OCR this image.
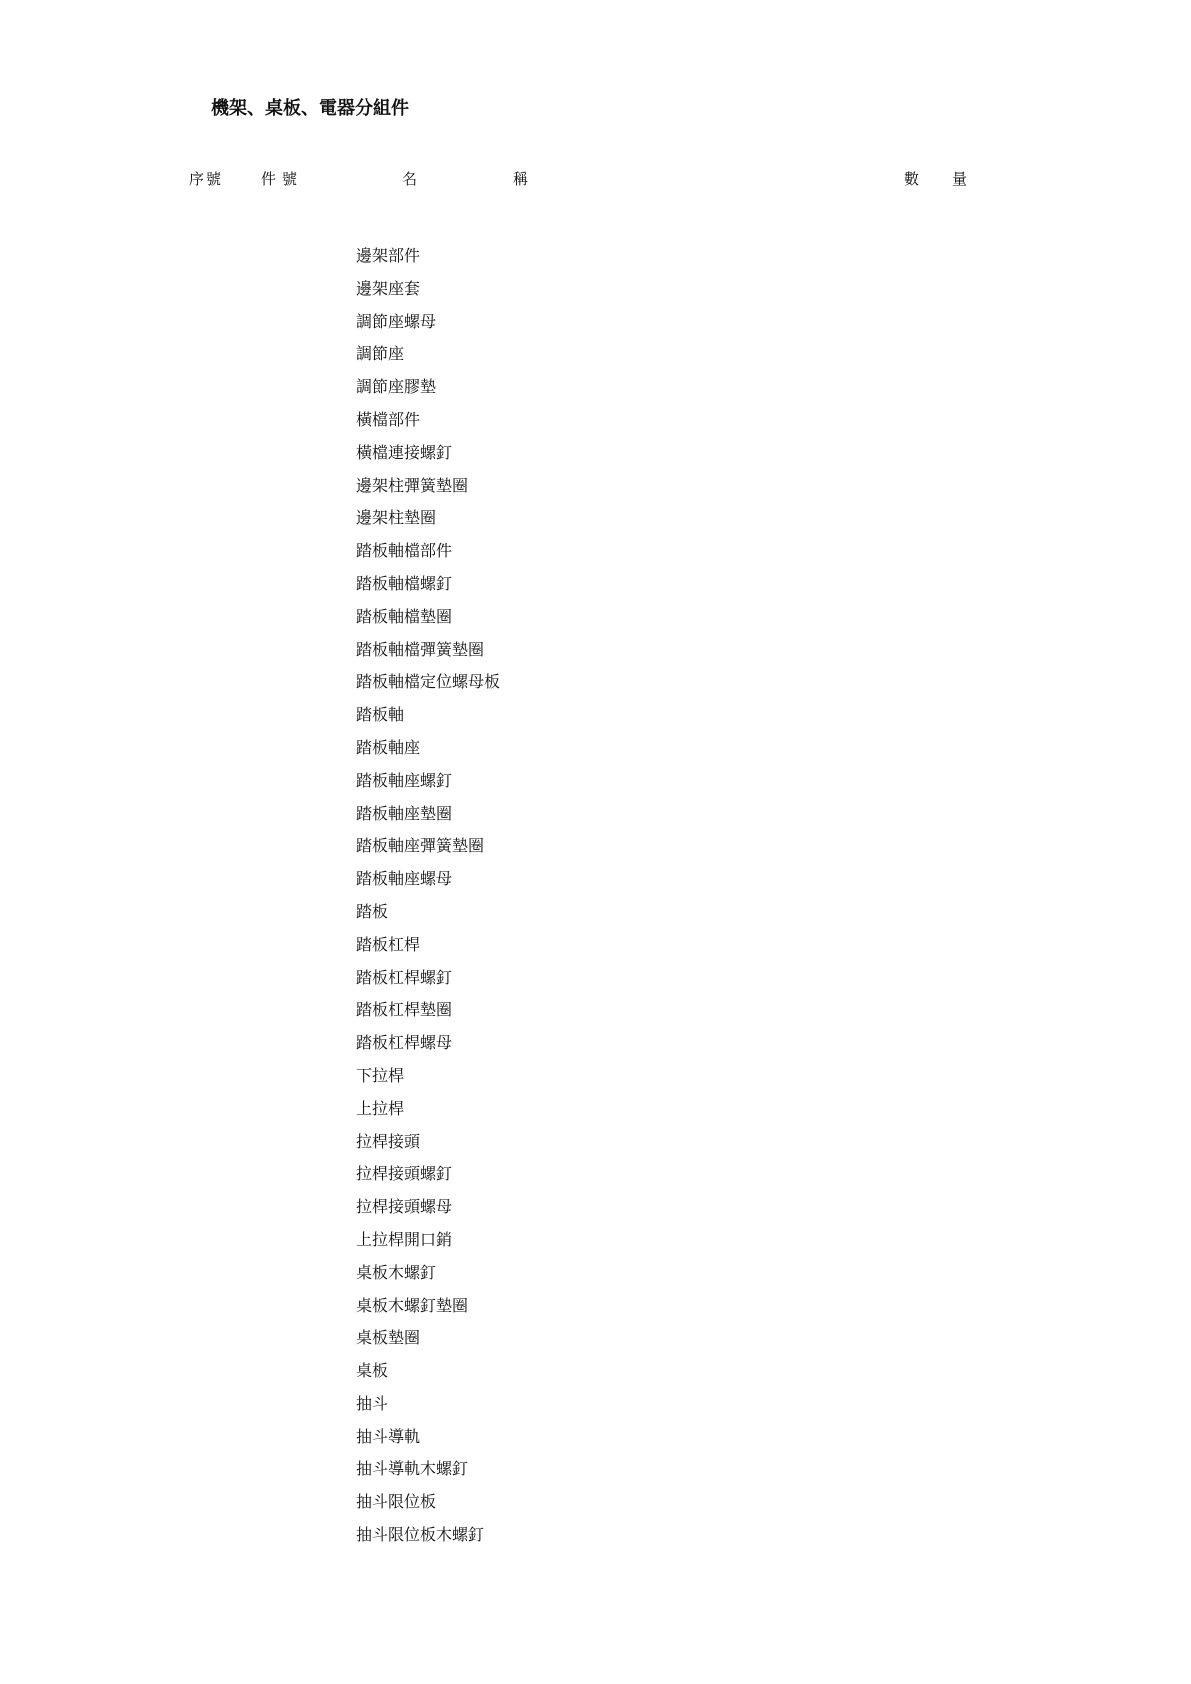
機架、桌板、電器分組件
序號	件號	名	稱	數 量
邊架部件
邊架座套
調節座螺母
調節座
調節座膠墊
橫檔部件
橫檔連接螺釘
邊架柱彈簧墊圈
邊架柱墊圈
踏板軸檔部件
踏板軸檔螺釘
踏板軸檔墊圈
踏板軸檔彈簧墊圈
踏板軸檔定位螺母板
踏板軸
踏板軸座
踏板軸座螺釘
踏板軸座墊圈
踏板軸座彈簧墊圈
踏板軸座螺母
踏板
踏板杠桿
踏板杠桿螺釘
踏板杠桿墊圈
踏板杠桿螺母
下拉桿
上拉桿
拉桿接頭
拉桿接頭螺釘
拉桿接頭螺母
上拉桿開口銷
桌板木螺釘
桌板木螺釘墊圈
桌板墊圈
桌板
抽斗
抽斗導軌
抽斗導軌木螺釘
抽斗限位板
抽斗限位板木螺釘
